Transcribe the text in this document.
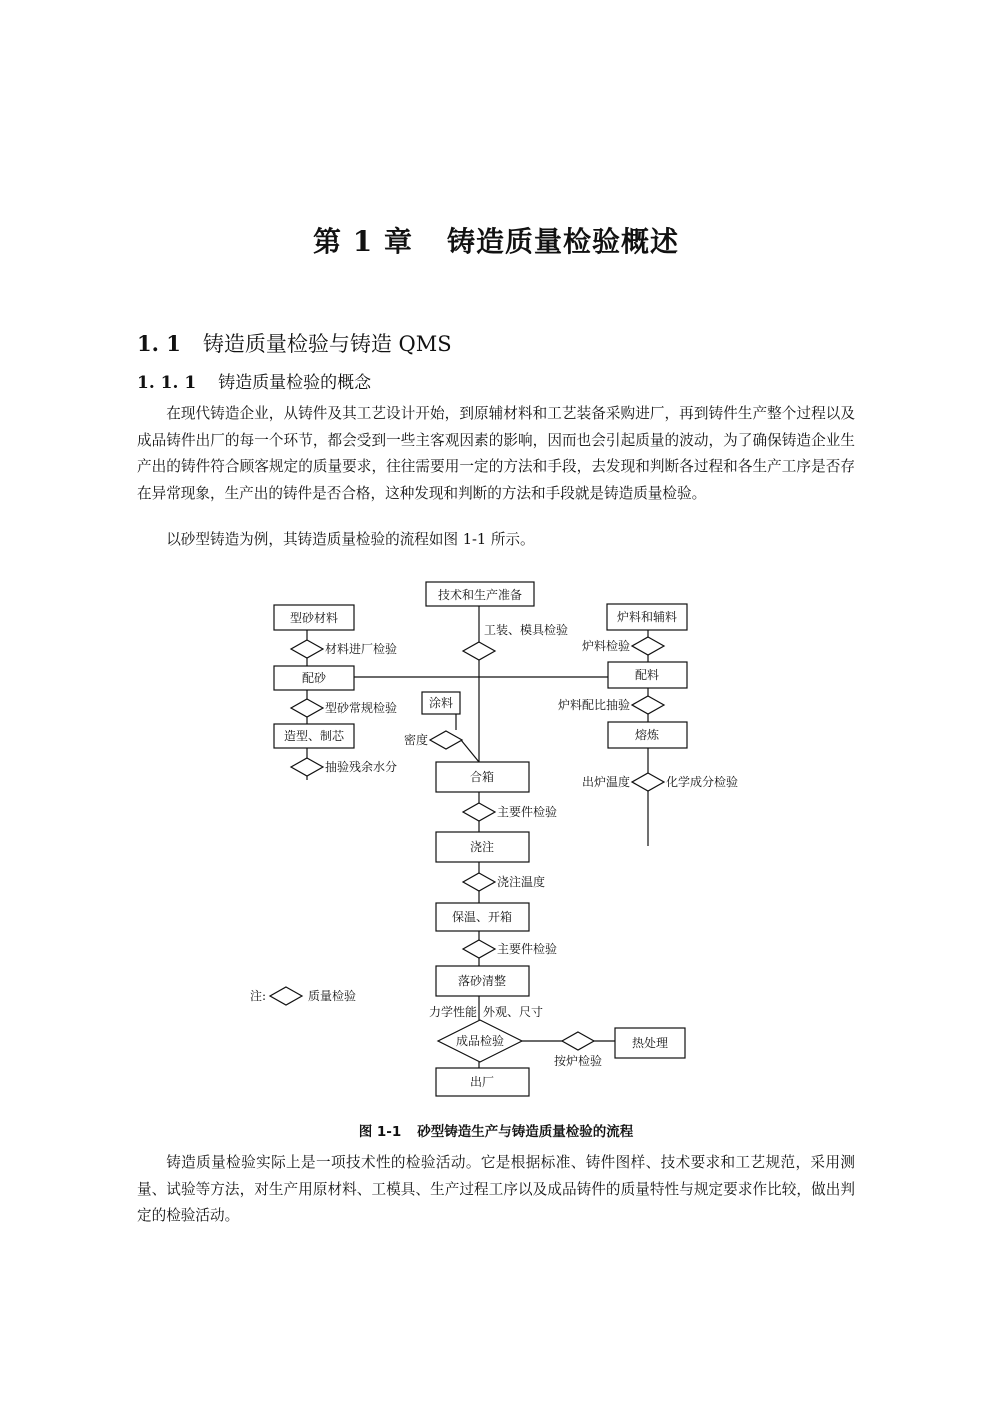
第 1 章 铸造质量检验概述
1. 1 铸造质量检验与铸造 QMS
1. 1. 1 铸造质量检验的概念

在现代铸造企业，从铸件及其工艺设计开始，到原辅材料和工艺装备采购进厂，再到铸件生产整个过程以及成品铸件出厂的每一个环节，都会受到一些主客观因素的影响，因而也会引起质量的波动，为了确保铸造企业生产出的铸件符合顾客规定的质量要求，往往需要用一定的方法和手段，去发现和判断各过程和各生产工序是否存在异常现象，生产出的铸件是否合格，这种发现和判断的方法和手段就是铸造质量检验。

以砂型铸造为例，其铸造质量检验的流程如图 1-1 所示。

技术和生产准备
型砂材料
配砂
造型、制芯
涂料
合箱
浇注
保温、开箱
落砂清整
出厂
炉料和辅料
配料
熔炼
热处理
成品检验
工装、模具检验
材料进厂检验
型砂常规检验
抽验残余水分
密度
主要件检验
浇注温度
主要件检验
炉料检验
炉料配比抽验
出炉温度	化学成分检验
力学性能 外观、尺寸
按炉检验
注:	质量检验
图 1-1 砂型铸造生产与铸造质量检验的流程

铸造质量检验实际上是一项技术性的检验活动。它是根据标准、铸件图样、技术要求和工艺规范，采用测量、试验等方法，对生产用原材料、工模具、生产过程工序以及成品铸件的质量特性与规定要求作比较，做出判定的检验活动。
